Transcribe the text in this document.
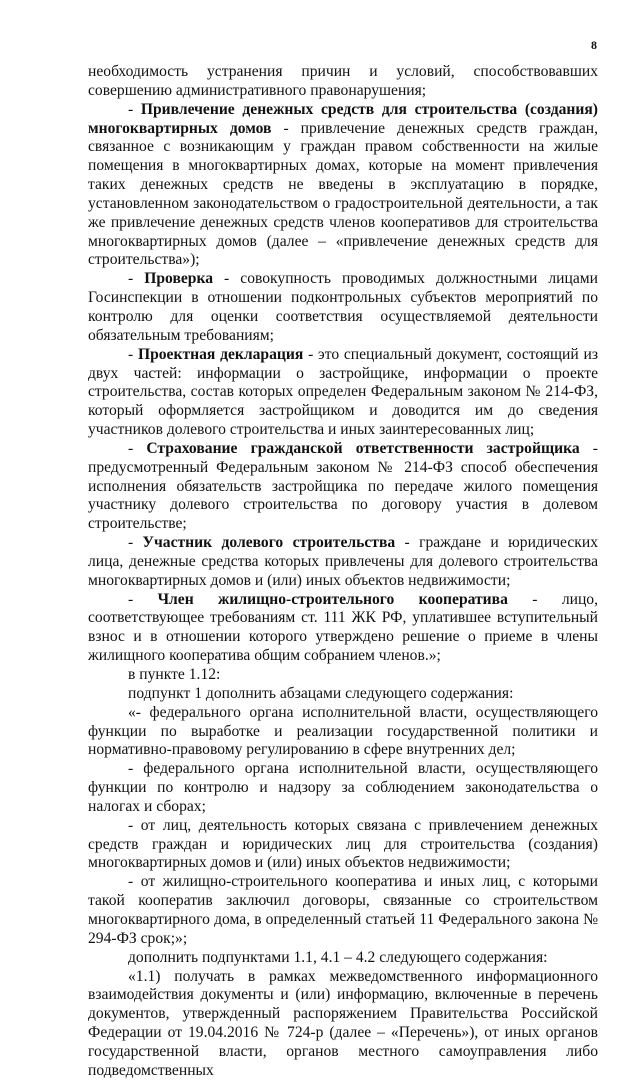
8

необходимость устранения причин и условий, способствовавших совершению административного правонарушения;

- Привлечение денежных средств для строительства (создания) многоквартирных домов - привлечение денежных средств граждан, связанное с возникающим у граждан правом собственности на жилые помещения в многоквартирных домах, которые на момент привлечения таких денежных средств не введены в эксплуатацию в порядке, установленном законодательством о градостроительной деятельности, а так же привлечение денежных средств членов кооперативов для строительства многоквартирных домов (далее – «привлечение денежных средств для строительства»);

- Проверка - совокупность проводимых должностными лицами Госинспекции в отношении подконтрольных субъектов мероприятий по контролю для оценки соответствия осуществляемой деятельности обязательным требованиям;

- Проектная декларация - это специальный документ, состоящий из двух частей: информации о застройщике, информации о проекте строительства, состав которых определен Федеральным законом № 214-ФЗ, который оформляется застройщиком и доводится им до сведения участников долевого строительства и иных заинтересованных лиц;

- Страхование гражданской ответственности застройщика - предусмотренный Федеральным законом № 214-ФЗ способ обеспечения исполнения обязательств застройщика по передаче жилого помещения участнику долевого строительства по договору участия в долевом строительстве;

- Участник долевого строительства - граждане и юридических лица, денежные средства которых привлечены для долевого строительства многоквартирных домов и (или) иных объектов недвижимости;

- Член жилищно-строительного кооператива - лицо, соответствующее требованиям ст. 111 ЖК РФ, уплатившее вступительный взнос и в отношении которого утверждено решение о приеме в члены жилищного кооператива общим собранием членов.»;

в пункте 1.12:

подпункт 1 дополнить абзацами следующего содержания:

«- федерального органа исполнительной власти, осуществляющего функции по выработке и реализации государственной политики и нормативно-правовому регулированию в сфере внутренних дел;

- федерального органа исполнительной власти, осуществляющего функции по контролю и надзору за соблюдением законодательства о налогах и сборах;

- от лиц, деятельность которых связана с привлечением денежных средств граждан и юридических лиц для строительства (создания) многоквартирных домов и (или) иных объектов недвижимости;

- от жилищно-строительного кооператива и иных лиц, с которыми такой кооператив заключил договоры, связанные со строительством многоквартирного дома, в определенный статьей 11 Федерального закона № 294-ФЗ срок;»;

дополнить подпунктами 1.1, 4.1 – 4.2 следующего содержания:

«1.1) получать в рамках межведомственного информационного взаимодействия документы и (или) информацию, включенные в перечень документов, утвержденный распоряжением Правительства Российской Федерации от 19.04.2016 № 724-р (далее – «Перечень»), от иных органов государственной власти, органов местного самоуправления либо подведомственных
